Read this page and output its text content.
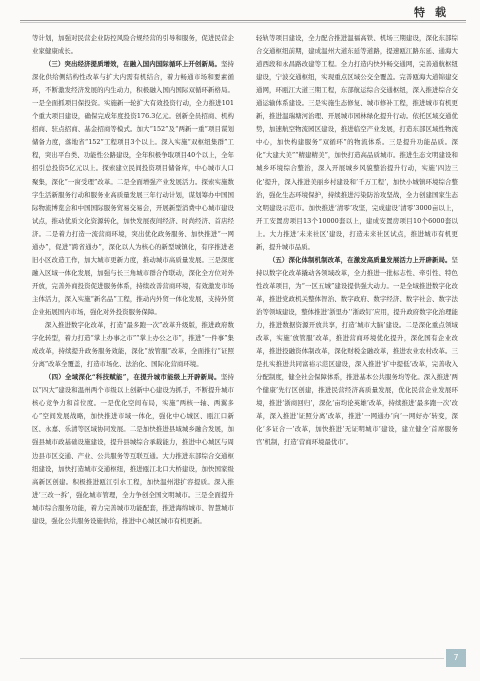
特载

等计划，加强对民营企业防控风险合规经营的引导和服务，促进民营企业家健康成长。

（三）突出经济提质增效，在融入国内国际循环上开创新局。坚持深化供给侧结构性改革与扩大内需有机结合，着力畅通市场和要素循环，不断激发经济发展的内生动力，积极融入国内国际双循环新格局。一是全面抓项目保投资。实施新一轮扩大有效投资行动，全力推进101个重大项目建设，确保完成年度投资176.3亿元。创新全员招商、机构招商、驻点招商、基金招商等模式。加大“152”及“两新一重”项目谋划储备力度，落地省“152”工程项目3个以上。深入实施“双枢纽集群”工程，突出平台类、功能性公路建设，全年积极争取项目40个以上，全年招引总投资5亿元以上。探索建立民间投资项目储备库，中心城市人口聚集，深化“一窗受理”改革。二是全面增强产业发展活力。探索实施数字生活新服务行动和服务业高质量发展三年行动计划，谋划筹办中国国际物流博览会和中国国际服务贸易交易会，开展新型消费中心城市建设试点，推动优质文化资源转化，加快发展夜间经济、时尚经济、首店经济。二是着力打造一流营商环境，突出优化政务服务、加快推进“一网通办”，促进“跨省通办”，深化以人为核心的新型城镇化，有序推进老旧小区改造工作，加大城市更新力度，推动城市高质量发展。三是深度融入区域一体化发展，加强与长三角城市群合作联动，深化全方位对外开放，完善外商投资促进服务体系，持续改善营商环境，有效激发市场主体活力，深入实施“新名品”工程，推动内外贸一体化发展，支持外贸企业拓展国内市场，强化对外投资服务保障。

深入推进数字化改革，打造“最多跑一次”改革升级版，推进政府数字化转型，着力打造“掌上办事之市”“掌上办公之市”，推进“一件事”集成改革，持续提升政务服务效能，深化“放管服”改革，全面推行“证照分离”改革全覆盖，打造市场化、法治化、国际化营商环境。

（四）全域深化“科技赋能”，在提升城市能级上开辟新局。坚持以“四大”建设和温州两个市级以上创新中心建设为抓手，不断提升城市核心竞争力和首位度。一是优化空间布局，实施“两核一轴、两翼多心”空间发展战略，加快推进市域一体化，强化中心城区、瓯江口新区、永嘉、乐清等区域协同发展。二是加快推进县域城乡融合发展，加强县城市政基础设施建设，提升县城综合承载能力，推进中心城区与周边县市区交通、产业、公共服务等互联互通。大力推进东部综合交通枢纽建设，加快打造城市交通枢纽，推进瓯江北口大桥建设，加快国家级高新区创建。积极推进瓯江引水工程，加快温州港扩容提质。深入推进‘三改一拆’，强化城市管理，全力争创全国文明城市。三是全面提升城市综合服务功能，着力完善城市功能配套，推进海绵城市、智慧城市建设，强化公共服务设施供给，推进中心城区城市有机更新。

轻轨等项目建设，全力配合推进温福高铁、机场三期建设，深化东部综合交通枢纽前期，建成温州大道东延等道路，提速瓯江路东延、通海大道西段和永昌路改建等工程。全力打造内快外畅交通网，完善通航枢纽建设，宁波交通枢纽，实现重点区域公交全覆盖。完善瓯海大道锦建交通网，环瓯江大道三期工程，东部航运综合交通枢纽，深入推进综合交通运输体系建设。三是实施生态修复、城市修补工程，推进城市有机更新，推进温瑞塘河治理、开展城市园林绿化提升行动。依托区域交通优势，加速航空物流园区建设，推进临空产业发展，打造东部区域性物流中心，加快构建服务“双循环”的物流体系。三是提升功能品质。深化“大建大美”“精建精美”，加快打造高品质城市。推进生态文明建设和城乡环境综合整治，深入开展城乡风貌整治提升行动，实施‘四边三化’提升，深入推进美丽乡村建设和‘千万工程’，加快小城镇环境综合整治，强化生态环境保护，持续推进污染防治攻坚战，全力创建国家生态文明建设示范市。加快推进‘清零’攻坚，完成建设‘清零’3000亩以上，开工安置房项目13个10000套以上，建成安置房项目10个6000套以上。大力推进‘未来社区’建设，打造未来社区试点，推进城市有机更新，提升城市品质。

（五）深化体制机制改革，在激发高质量发展活力上开辟新局。坚持以数字化改革撬动各领域改革，全力推进一批标志性、牵引性、特色性改革项目，为“一区五城”建设提供强大动力。一是全域推进数字化改革，推进党政机关整体智治、数字政府、数字经济、数字社会、数字法治等领域建设，整体推进‘浙里办’‘浙政钉’应用，提升政府数字化治理能力，推进数据资源开放共享，打造‘城市大脑’建设。二是深化重点领域改革，实施‘放管服’改革，推进营商环境优化提升，深化国有企业改革，推进投融资体制改革，深化财税金融改革，推进农业农村改革。三是扎实推进共同富裕示范区建设，深入推进‘扩中提低’改革，完善收入分配制度，健全社会保障体系，推进基本公共服务均等化。深入推进‘两个健康’先行区创建，推进民营经济高质量发展，优化民营企业发展环境，推进‘浙商回归’，深化‘亩均论英雄’改革，持续推进‘最多跑一次’改革，深入推进‘证照分离’改革，推进‘一网通办’向‘一网好办’转变，深化‘多证合一’改革，加快推进‘无证明城市’建设，建立健全‘首席服务官’机制，打造‘营商环境最优市’。

7
